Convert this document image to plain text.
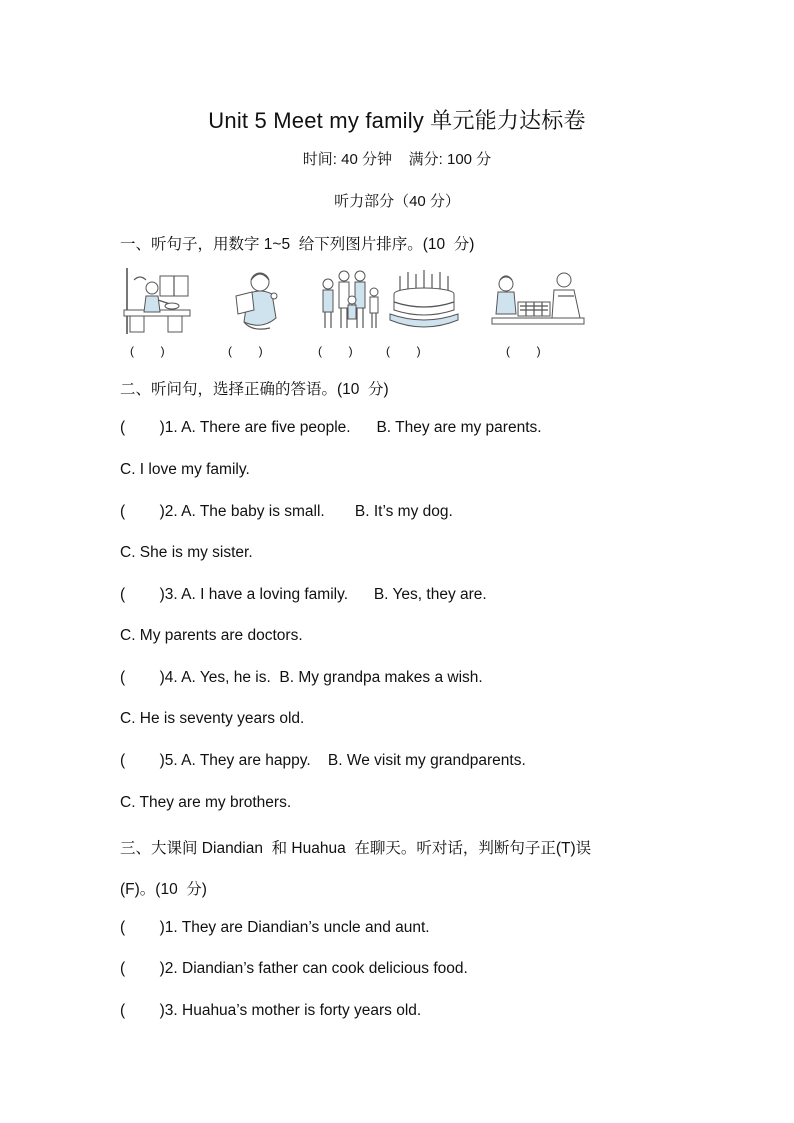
Unit 5 Meet my family 单元能力达标卷
时间: 40 分钟    满分: 100 分
听力部分（40 分）
一、听句子，用数字 1~5  给下列图片排序。(10  分)
(        )	(        )	(        )	(        )	(        )
二、听问句，选择正确的答语。(10  分)
(        )1. A. There are five people.      B. They are my parents.
C. I love my family.
(        )2. A. The baby is small.       B. It’s my dog.
C. She is my sister.
(        )3. A. I have a loving family.      B. Yes, they are.
C. My parents are doctors.
(        )4. A. Yes, he is.  B. My grandpa makes a wish.
C. He is seventy years old.
(        )5. A. They are happy.    B. We visit my grandparents.
C. They are my brothers.
三、大课间 Diandian  和 Huahua  在聊天。听对话，判断句子正(T)误
(F)。(10  分)
(        )1. They are Diandian’s uncle and aunt.
(        )2. Diandian’s father can cook delicious food.
(        )3. Huahua’s mother is forty years old.
